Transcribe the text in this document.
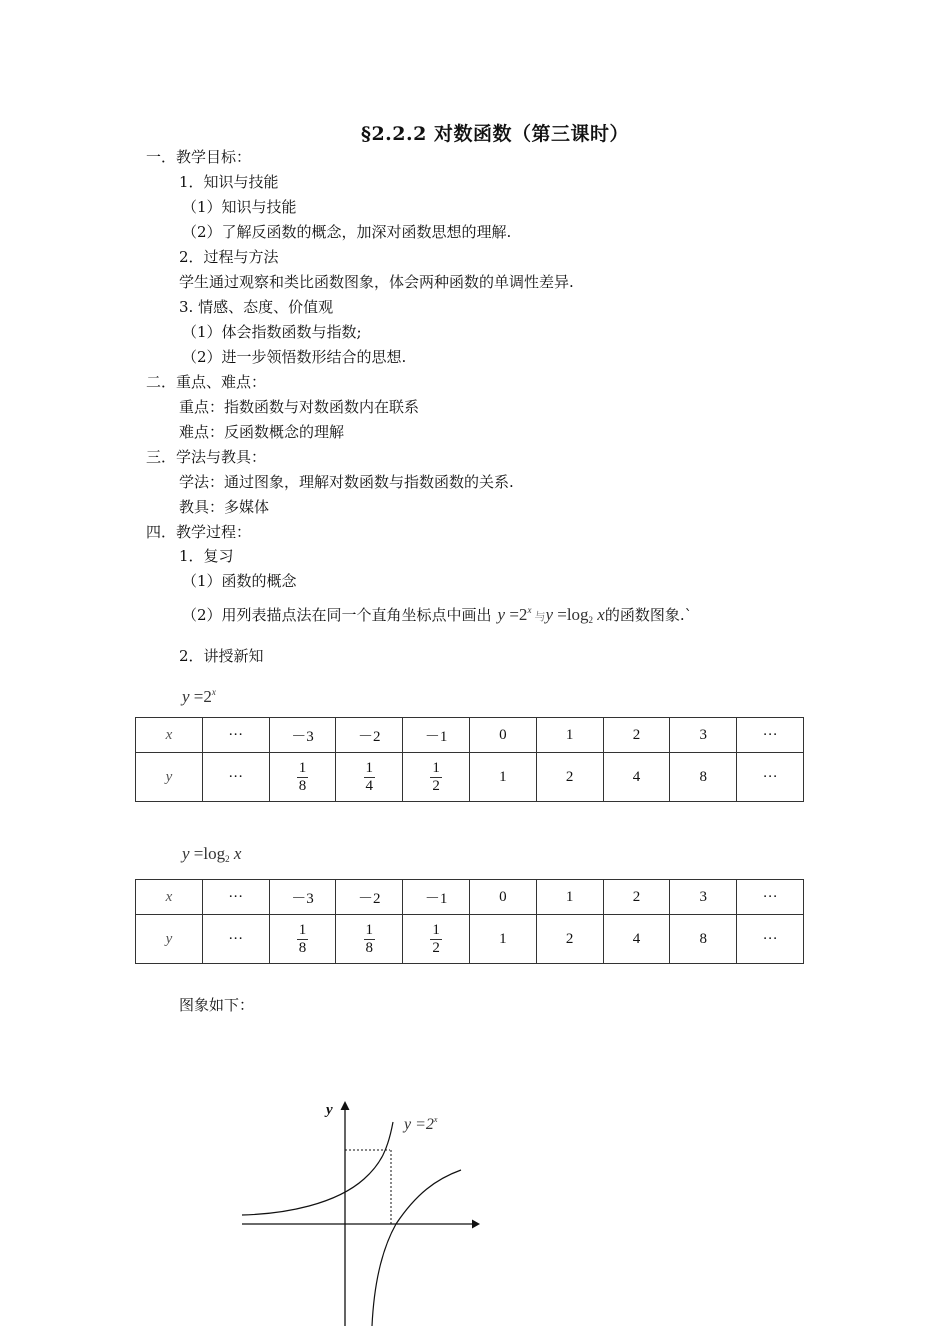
§2.2.2 对数函数（第三课时）
一．教学目标：
1．知识与技能
（1）知识与技能
（2）了解反函数的概念，加深对函数思想的理解.
2．过程与方法
学生通过观察和类比函数图象，体会两种函数的单调性差异.
3. 情感、态度、价值观
（1）体会指数函数与指数;
（2）进一步领悟数形结合的思想.
二．重点、难点：
重点：指数函数与对数函数内在联系
难点：反函数概念的理解
三．学法与教具：
学法：通过图象，理解对数函数与指数函数的关系.
教具：多媒体
四．教学过程：
1．复习
（1）函数的概念
（2）用列表描点法在同一个直角坐标点中画出 $y =2^x$ 与$y =\log_2$ x的函数图象.`
2．讲授新知
$y =2^x$
x	···	－3	－2	－1	0	1	2	3	···
y	···	$\frac{1}{8}$	$\frac{1}{4}$	$\frac{1}{2}$	1	2	4	8	···
$y =\log_2$ x
x	···	－3	－2	－1	0	1	2	3	···
y	···	$\frac{1}{8}$	$\frac{1}{8}$	$\frac{1}{2}$	1	2	4	8	···
图象如下：
y
$y =2^x$
